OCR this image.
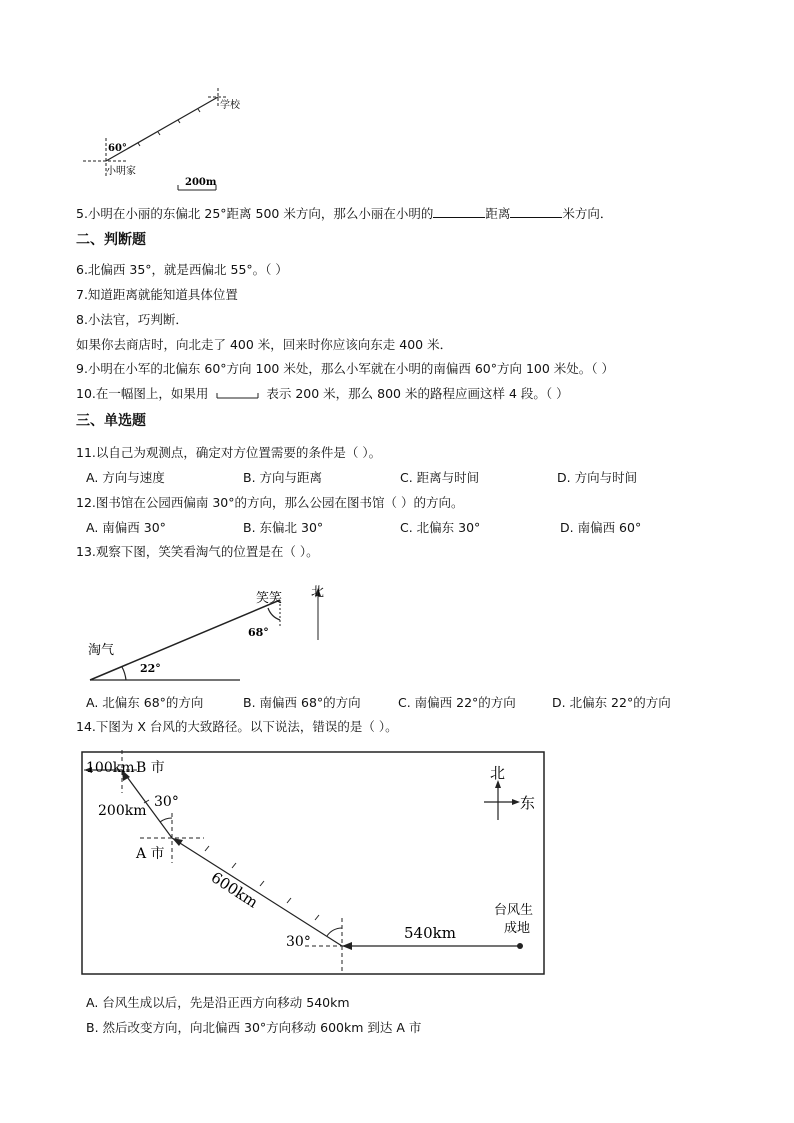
学校
60°
小明家
200m
5.小明在小丽的东偏北 25°距离 500 米方向，那么小丽在小明的	距离	米方向．
二、判断题
6.北偏西 35°，就是西偏北 55°。（ ）
7.知道距离就能知道具体位置
8.小法官，巧判断．
如果你去商店时，向北走了 400 米，回来时你应该向东走 400 米．
9.小明在小军的北偏东 60°方向 100 米处，那么小军就在小明的南偏西 60°方向 100 米处。（ ）
10.在一幅图上，如果用	表示 200 米，那么 800 米的路程应画这样 4 段。（ ）
三、单选题
11.以自己为观测点，确定对方位置需要的条件是（ ）。
A. 方向与速度	B. 方向与距离	C. 距离与时间	D. 方向与时间
12.图书馆在公园西偏南 30°的方向，那么公园在图书馆（ ）的方向。
A. 南偏西 30°	B. 东偏北 30°	C. 北偏东 30°	D. 南偏西 60°
13.观察下图，笑笑看淘气的位置是在（ ）。
笑笑 北
68°
淘气
22°
A. 北偏东 68°的方向	B. 南偏西 68°的方向	C. 南偏西 22°的方向	D. 北偏东 22°的方向
14.下图为 X 台风的大致路径。以下说法，错误的是（ ）。
100km B 市
30°
200km
A 市
600km
30°	540km
台风生
成地
北
东
A. 台风生成以后，先是沿正西方向移动 540km
B. 然后改变方向，向北偏西 30°方向移动 600km 到达 A 市
